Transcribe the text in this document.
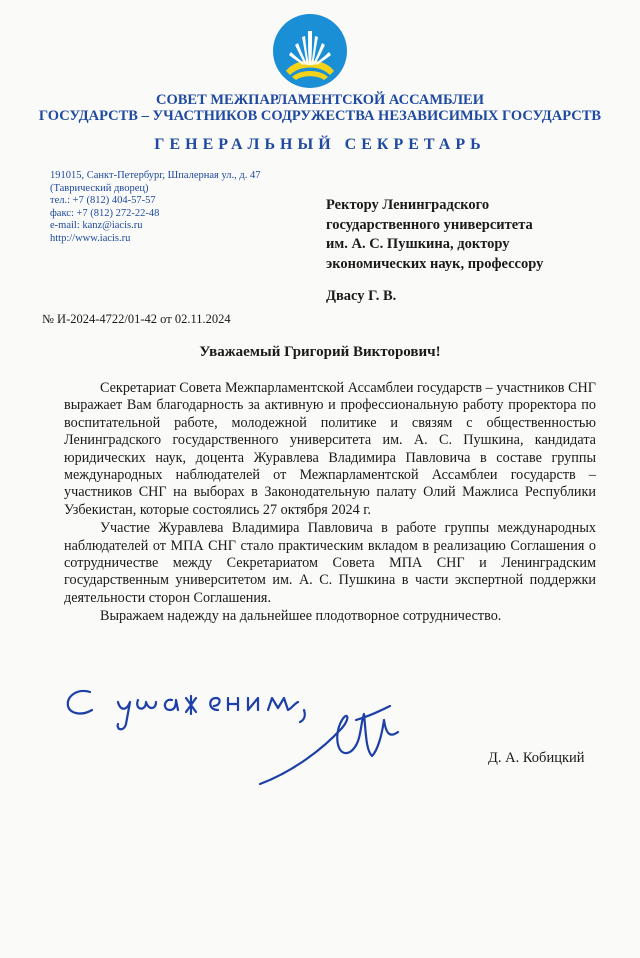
СОВЕТ МЕЖПАРЛАМЕНТСКОЙ АССАМБЛЕИ
ГОСУДАРСТВ – УЧАСТНИКОВ СОДРУЖЕСТВА НЕЗАВИСИМЫХ ГОСУДАРСТВ
ГЕНЕРАЛЬНЫЙ СЕКРЕТАРЬ
191015, Санкт-Петербург, Шпалерная ул., д. 47
(Таврический дворец)
тел.: +7 (812) 404-57-57
факс: +7 (812) 272-22-48
e-mail: kanz@iacis.ru
http://www.iacis.ru
Ректору Ленинградского
государственного университета
им. А. С. Пушкина, доктору
экономических наук, профессору
Двасу Г. В.
№ И-2024-4722/01-42 от 02.11.2024
Уважаемый Григорий Викторович!

Секретариат Совета Межпарламентской Ассамблеи государств – участников СНГ выражает Вам благодарность за активную и профессиональную работу проректора по воспитательной работе, молодежной политике и связям с общественностью Ленинградского государственного университета им. А. С. Пушкина, кандидата юридических наук, доцента Журавлева Владимира Павловича в составе группы международных наблюдателей от Межпарламентской Ассамблеи государств – участников СНГ на выборах в Законодательную палату Олий Мажлиса Республики Узбекистан, которые состоялись 27 октября 2024 г.

Участие Журавлева Владимира Павловича в работе группы международных наблюдателей от МПА СНГ стало практическим вкладом в реализацию Соглашения о сотрудничестве между Секретариатом Совета МПА СНГ и Ленинградским государственным университетом им. А. С. Пушкина в части экспертной поддержки деятельности сторон Соглашения.

Выражаем надежду на дальнейшее плодотворное сотрудничество.

Д. А. Кобицкий
